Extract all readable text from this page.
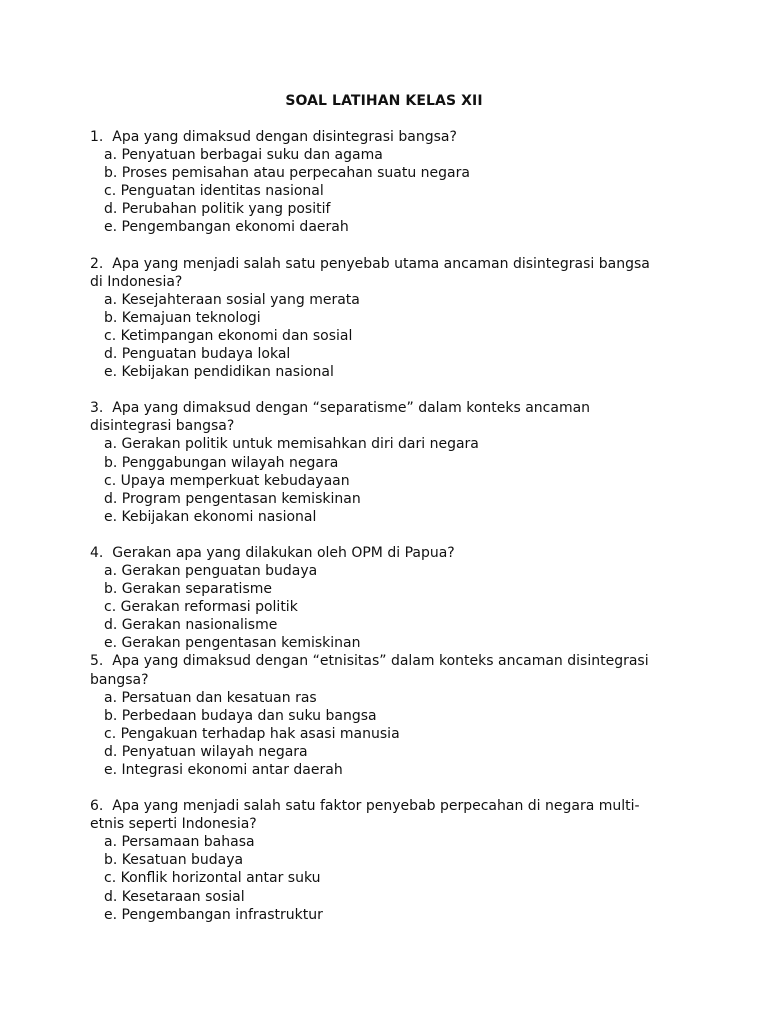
SOAL LATIHAN KELAS XII
1. Apa yang dimaksud dengan disintegrasi bangsa?
a. Penyatuan berbagai suku dan agama
b. Proses pemisahan atau perpecahan suatu negara
c. Penguatan identitas nasional
d. Perubahan politik yang positif
e. Pengembangan ekonomi daerah
2. Apa yang menjadi salah satu penyebab utama ancaman disintegrasi bangsa di Indonesia?
a. Kesejahteraan sosial yang merata
b. Kemajuan teknologi
c. Ketimpangan ekonomi dan sosial
d. Penguatan budaya lokal
e. Kebijakan pendidikan nasional
3. Apa yang dimaksud dengan “separatisme” dalam konteks ancaman disintegrasi bangsa?
a. Gerakan politik untuk memisahkan diri dari negara
b. Penggabungan wilayah negara
c. Upaya memperkuat kebudayaan
d. Program pengentasan kemiskinan
e. Kebijakan ekonomi nasional
4. Gerakan apa yang dilakukan oleh OPM di Papua?
a. Gerakan penguatan budaya
b. Gerakan separatisme
c. Gerakan reformasi politik
d. Gerakan nasionalisme
e. Gerakan pengentasan kemiskinan
5. Apa yang dimaksud dengan “etnisitas” dalam konteks ancaman disintegrasi bangsa?
a. Persatuan dan kesatuan ras
b. Perbedaan budaya dan suku bangsa
c. Pengakuan terhadap hak asasi manusia
d. Penyatuan wilayah negara
e. Integrasi ekonomi antar daerah
6. Apa yang menjadi salah satu faktor penyebab perpecahan di negara multi-etnis seperti Indonesia?
a. Persamaan bahasa
b. Kesatuan budaya
c. Konflik horizontal antar suku
d. Kesetaraan sosial
e. Pengembangan infrastruktur
